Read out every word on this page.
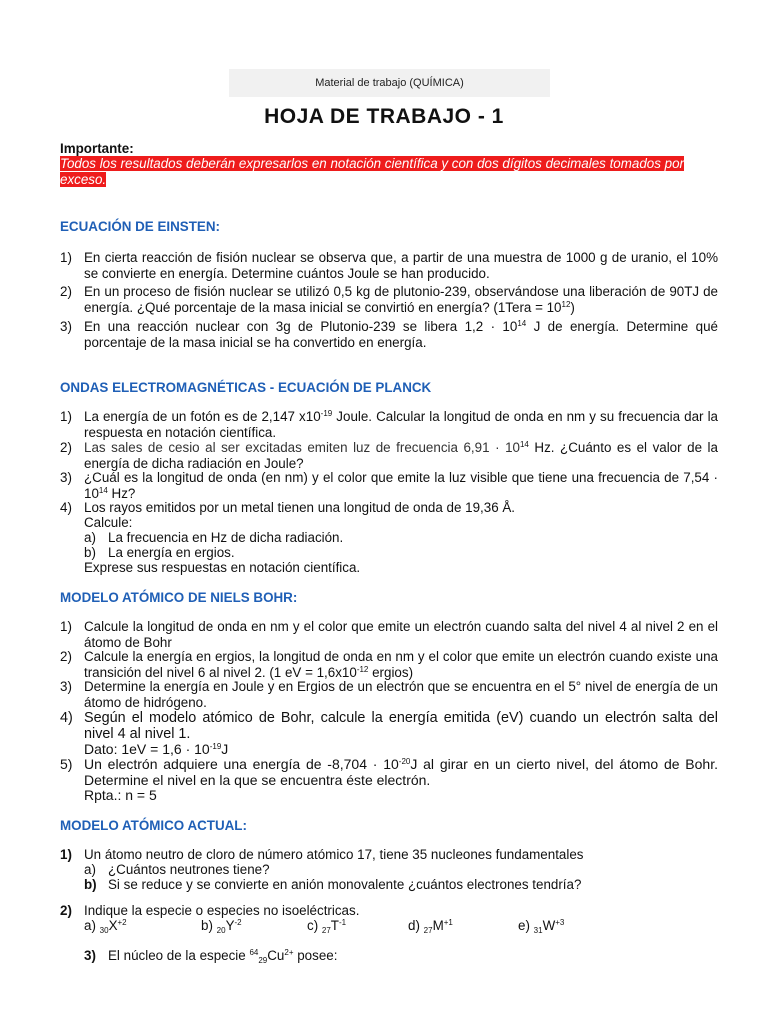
Material de trabajo (QUÍMICA)
HOJA DE TRABAJO - 1
Importante:
Todos los resultados deberán expresarlos en notación científica y con dos dígitos decimales tomados por exceso.
ECUACIÓN DE EINSTEN:
1) En cierta reacción de fisión nuclear se observa que, a partir de una muestra de 1000 g de uranio, el 10% se convierte en energía. Determine cuántos Joule se han producido.
2) En un proceso de fisión nuclear se utilizó 0,5 kg de plutonio-239, observándose una liberación de 90TJ de energía. ¿Qué porcentaje de la masa inicial se convirtió en energía? (1Tera = $10^{12}$)
3) En una reacción nuclear con 3g de Plutonio-239 se libera $1,2 \cdot 10^{14}$ J de energía. Determine qué porcentaje de la masa inicial se ha convertido en energía.
ONDAS ELECTROMAGNÉTICAS - ECUACIÓN DE PLANCK
1) La energía de un fotón es de 2,147 $x10^{-19}$ Joule. Calcular la longitud de onda en nm y su frecuencia dar la respuesta en notación científica.
2) Las sales de cesio al ser excitadas emiten luz de frecuencia $6,91 \cdot 10^{14}$ Hz. ¿Cuánto es el valor de la energía de dicha radiación en Joule?
3) ¿Cuál es la longitud de onda (en nm) y el color que emite la luz visible que tiene una frecuencia de $7,54 \cdot 10^{14}$ Hz?
4) Los rayos emitidos por un metal tienen una longitud de onda de 19,36 Å.
Calcule:
a) La frecuencia en Hz de dicha radiación.
b) La energía en ergios.
Exprese sus respuestas en notación científica.
MODELO ATÓMICO DE NIELS BOHR:
1) Calcule la longitud de onda en nm y el color que emite un electrón cuando salta del nivel 4 al nivel 2 en el átomo de Bohr
2) Calcule la energía en ergios, la longitud de onda en nm y el color que emite un electrón cuando existe una transición del nivel 6 al nivel 2. (1 eV = $1,6x10^{-12}$ ergios)
3) Determine la energía en Joule y en Ergios de un electrón que se encuentra en el 5° nivel de energía de un átomo de hidrógeno.
4) Según el modelo atómico de Bohr, calcule la energía emitida (eV) cuando un electrón salta del nivel 4 al nivel 1.
Dato: $1eV = 1,6 \cdot 10^{-19}J$
5) Un electrón adquiere una energía de $-8,704 \cdot 10^{-20}J$ al girar en un cierto nivel, del átomo de Bohr. Determine el nivel en la que se encuentra éste electrón.
Rpta.: n = 5
MODELO ATÓMICO ACTUAL:
1) Un átomo neutro de cloro de número atómico 17, tiene 35 nucleones fundamentales
a) ¿Cuántos neutrones tiene?
b) Si se reduce y se convierte en anión monovalente ¿cuántos electrones tendría?
2) Indique la especie o especies no isoeléctricas.
a) $_{30}X^{+2}$	b) $_{20}Y^{-2}$	c) $_{27}T^{-1}$	d) $_{27}M^{+1}$	e) $_{31}W^{+3}$
3) El núcleo de la especie $^{64}_{29}Cu^{2+}$ posee:
